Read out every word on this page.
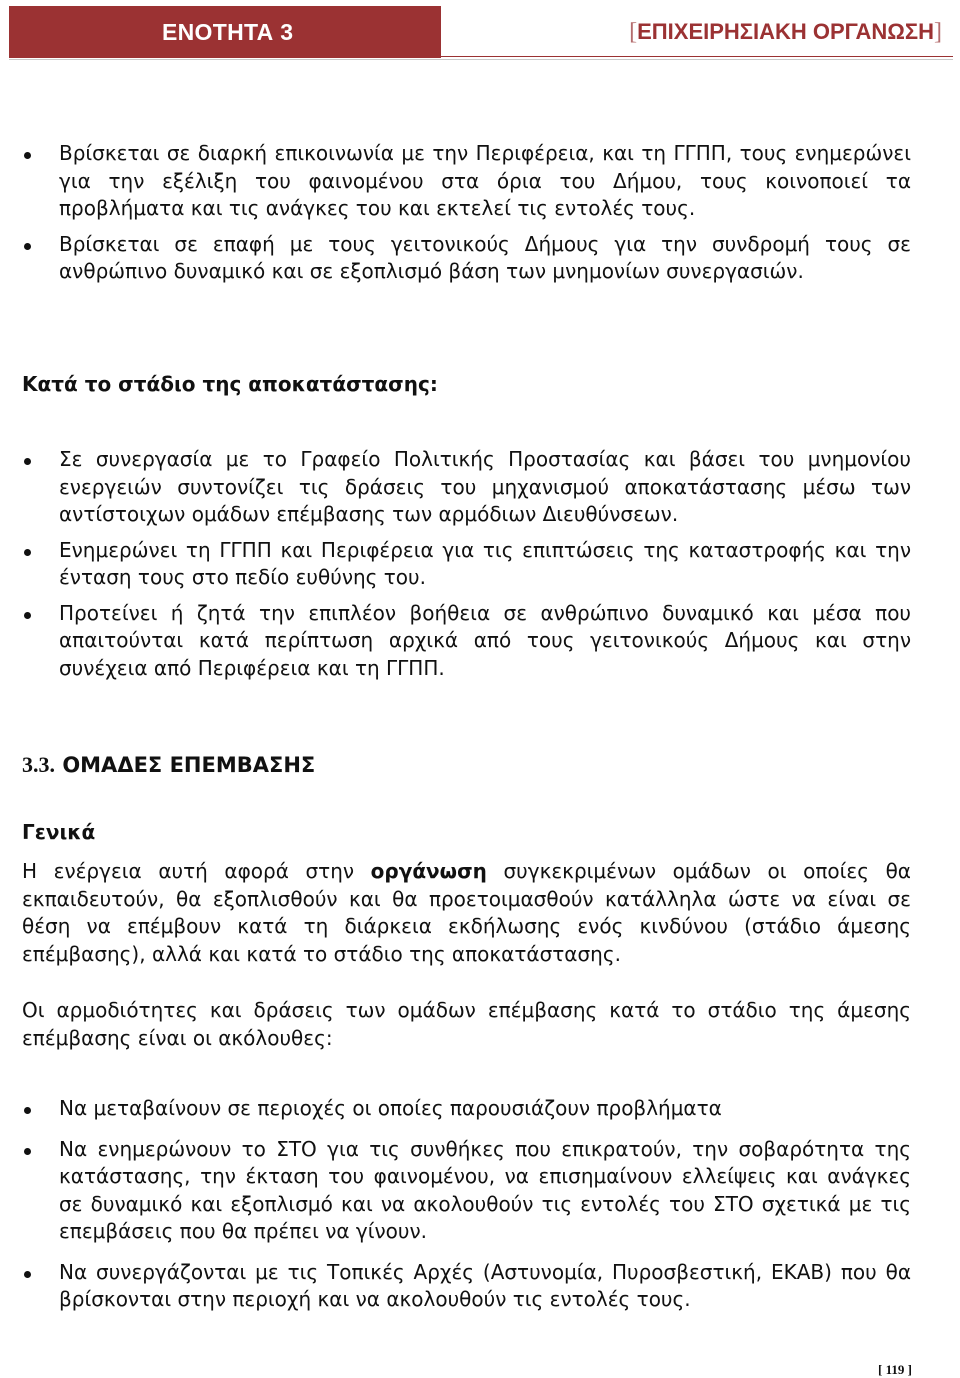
ΕΝΟΤΗΤΑ 3	[ΕΠΙΧΕΙΡΗΣΙΑΚΗ ΟΡΓΑΝΩΣΗ]
Βρίσκεται σε διαρκή επικοινωνία με την Περιφέρεια, και τη ΓΓΠΠ, τους ενημερώνει για την εξέλιξη του φαινομένου στα όρια του Δήμου, τους κοινοποιεί τα προβλήματα και τις ανάγκες του και εκτελεί τις εντολές τους.
Βρίσκεται σε επαφή με τους γειτονικούς Δήμους για την συνδρομή τους σε ανθρώπινο δυναμικό και σε εξοπλισμό βάση των μνημονίων συνεργασιών.
Κατά το στάδιο της αποκατάστασης:
Σε συνεργασία με το Γραφείο Πολιτικής Προστασίας και βάσει του μνημονίου ενεργειών συντονίζει τις δράσεις του μηχανισμού αποκατάστασης μέσω των αντίστοιχων ομάδων επέμβασης των αρμόδιων Διευθύνσεων.
Ενημερώνει τη ΓΓΠΠ και Περιφέρεια για τις επιπτώσεις της καταστροφής και την ένταση τους στο πεδίο ευθύνης του.
Προτείνει ή ζητά την επιπλέον βοήθεια σε ανθρώπινο δυναμικό και μέσα που απαιτούνται κατά περίπτωση αρχικά από τους γειτονικούς Δήμους και στην συνέχεια από Περιφέρεια και τη ΓΓΠΠ.
3.3. ΟΜΑΔΕΣ ΕΠΕΜΒΑΣΗΣ
Γενικά

Η ενέργεια αυτή αφορά στην οργάνωση συγκεκριμένων ομάδων οι οποίες θα εκπαιδευτούν, θα εξοπλισθούν και θα προετοιμασθούν κατάλληλα ώστε να είναι σε θέση να επέμβουν κατά τη διάρκεια εκδήλωσης ενός κινδύνου (στάδιο άμεσης επέμβασης), αλλά και κατά το στάδιο της αποκατάστασης.

Οι αρμοδιότητες και δράσεις των ομάδων επέμβασης κατά το στάδιο της άμεσης επέμβασης είναι οι ακόλουθες:

Να μεταβαίνουν σε περιοχές οι οποίες παρουσιάζουν προβλήματα
Να ενημερώνουν το ΣΤΟ για τις συνθήκες που επικρατούν, την σοβαρότητα της κατάστασης, την έκταση του φαινομένου, να επισημαίνουν ελλείψεις και ανάγκες σε δυναμικό και εξοπλισμό και να ακολουθούν τις εντολές του ΣΤΟ σχετικά με τις επεμβάσεις που θα πρέπει να γίνουν.
Να συνεργάζονται με τις Τοπικές Αρχές (Αστυνομία, Πυροσβεστική, ΕΚΑΒ) που θα βρίσκονται στην περιοχή και να ακολουθούν τις εντολές τους.
[ 119 ]
